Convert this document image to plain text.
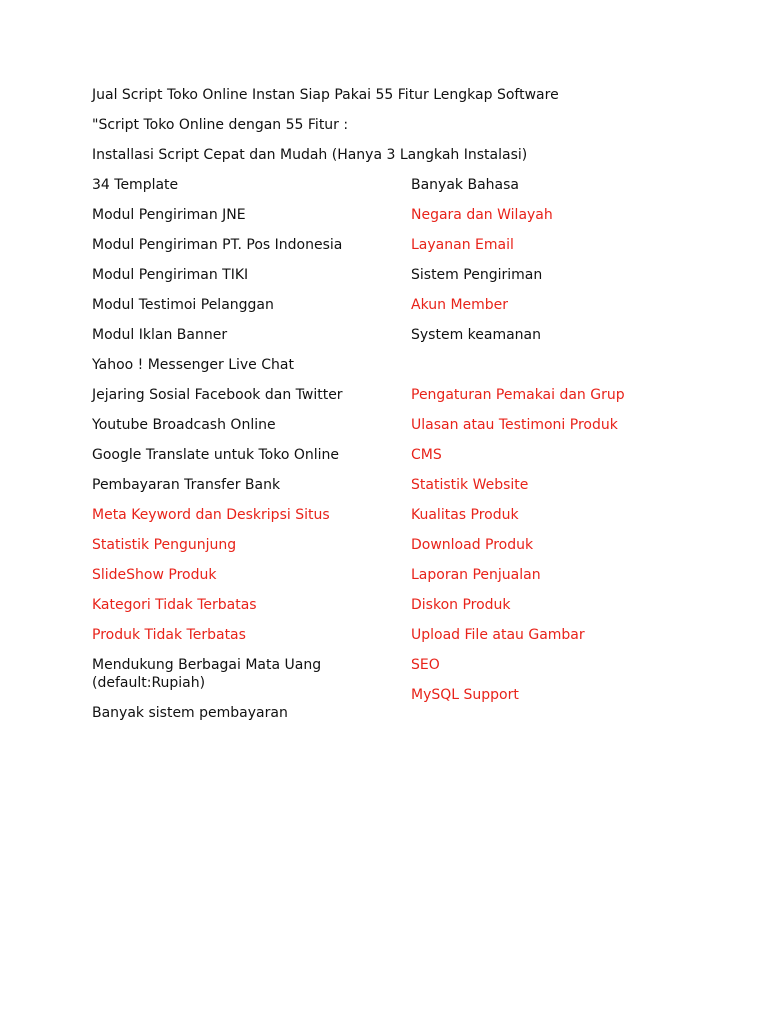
Jual Script Toko Online Instan Siap Pakai 55 Fitur Lengkap Software
"Script Toko Online dengan 55 Fitur :
Installasi Script Cepat dan Mudah (Hanya 3 Langkah Instalasi)
34 Template
Modul Pengiriman JNE
Modul Pengiriman PT. Pos Indonesia
Modul Pengiriman TIKI
Modul Testimoi Pelanggan
Modul Iklan Banner
Yahoo ! Messenger Live Chat
Jejaring Sosial Facebook dan Twitter
Youtube Broadcash Online
Google Translate untuk Toko Online
Pembayaran Transfer Bank
Meta Keyword dan Deskripsi Situs
Statistik Pengunjung
SlideShow Produk
Kategori Tidak Terbatas
Produk Tidak Terbatas
Mendukung Berbagai Mata Uang (default:Rupiah)
Banyak sistem pembayaran
Banyak Bahasa
Negara dan Wilayah
Layanan Email
Sistem Pengiriman
Akun Member
System keamanan
Pengaturan Pemakai dan Grup
Ulasan atau Testimoni Produk
CMS
Statistik Website
Kualitas Produk
Download Produk
Laporan Penjualan
Diskon Produk
Upload File atau Gambar
SEO
MySQL Support
